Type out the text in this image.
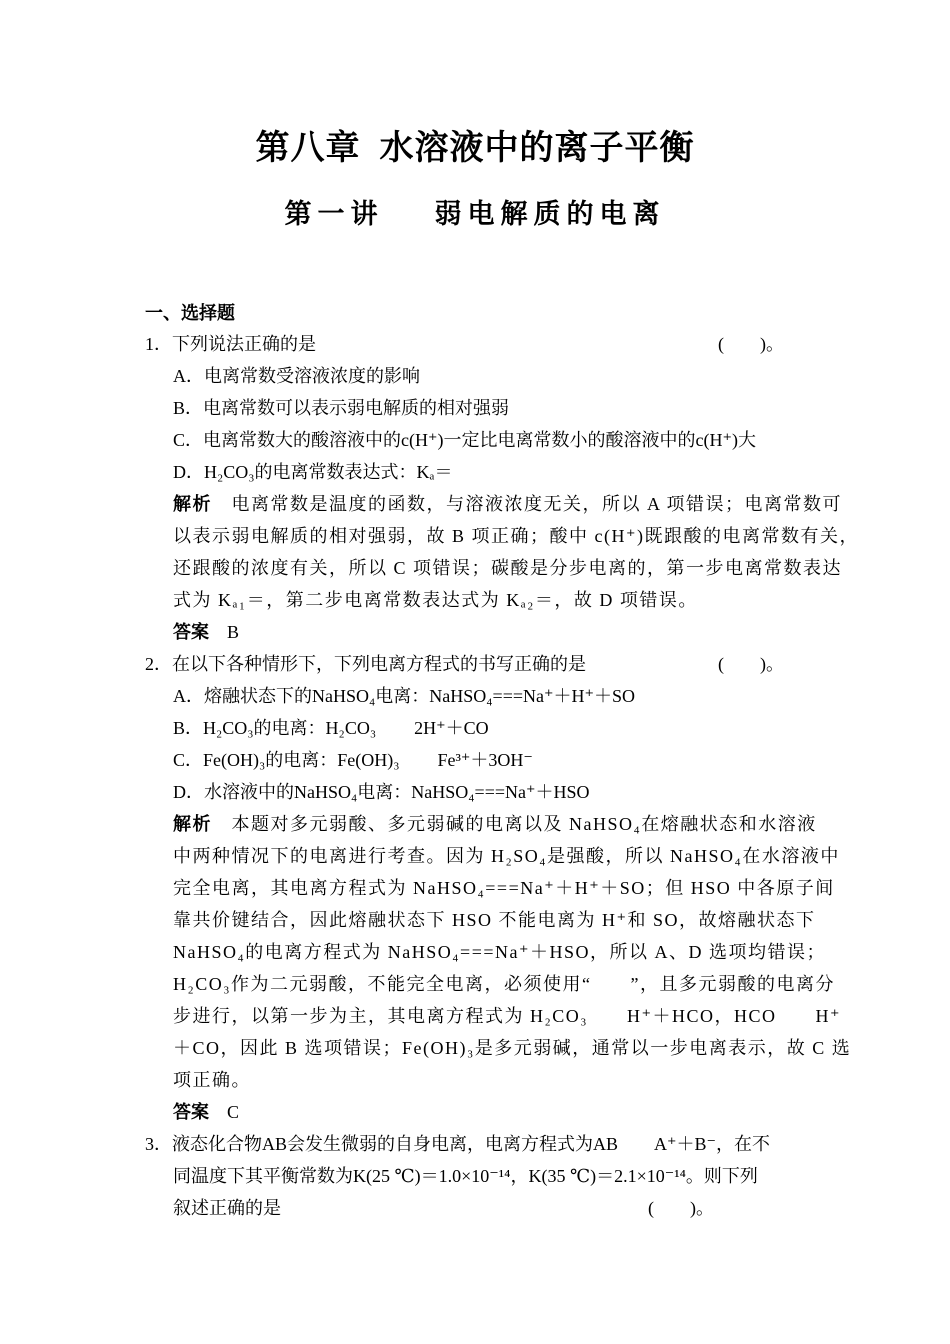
第八章  水溶液中的离子平衡
第一讲    弱电解质的电离
一、选择题
1．下列说法正确的是	(　　)。
A．电离常数受溶液浓度的影响
B．电离常数可以表示弱电解质的相对强弱
C．电离常数大的酸溶液中的c(H⁺)一定比电离常数小的酸溶液中的c(H⁺)大
D．H₂CO₃的电离常数表达式：Kₐ＝
解析　 电离常数是温度的函数，与溶液浓度无关，所以 A 项错误；电离常数可
以表示弱电解质的相对强弱，故 B 项正确；酸中 c(H⁺)既跟酸的电离常数有关，
还跟酸的浓度有关，所以 C 项错误；碳酸是分步电离的，第一步电离常数表达
式为 Kₐ₁＝，第二步电离常数表达式为 Kₐ₂＝，故 D 项错误。
答案　 B
2．在以下各种情形下，下列电离方程式的书写正确的是	(　　)。
A．熔融状态下的NaHSO₄电离：NaHSO₄===Na⁺＋H⁺＋SO
B．H₂CO₃的电离：H₂CO₃ 2H⁺＋CO
C．Fe(OH)₃的电离：Fe(OH)₃ Fe³⁺＋3OH⁻
D．水溶液中的NaHSO₄电离：NaHSO₄===Na⁺＋HSO
解析　 本题对多元弱酸、多元弱碱的电离以及 NaHSO₄在熔融状态和水溶液
中两种情况下的电离进行考查。因为 H₂SO₄是强酸，所以 NaHSO₄在水溶液中
完全电离，其电离方程式为 NaHSO₄===Na⁺＋H⁺＋SO；但 HSO 中各原子间
靠共价键结合，因此熔融状态下 HSO 不能电离为 H⁺和 SO，故熔融状态下
NaHSO₄的电离方程式为 NaHSO₄===Na⁺＋HSO，所以 A、D 选项均错误；
H₂CO₃作为二元弱酸，不能完全电离，必须使用“　　”，且多元弱酸的电离分
步进行，以第一步为主，其电离方程式为 H₂CO₃　　H⁺＋HCO，HCO　　H⁺
＋CO，因此 B 选项错误；Fe(OH)₃是多元弱碱，通常以一步电离表示，故 C 选
项正确。
答案　 C
3．液态化合物AB会发生微弱的自身电离，电离方程式为AB　　A⁺＋B⁻，在不
同温度下其平衡常数为K(25 ℃)＝1.0×10⁻¹⁴，K(35 ℃)＝2.1×10⁻¹⁴。则下列
叙述正确的是	(　　)。
